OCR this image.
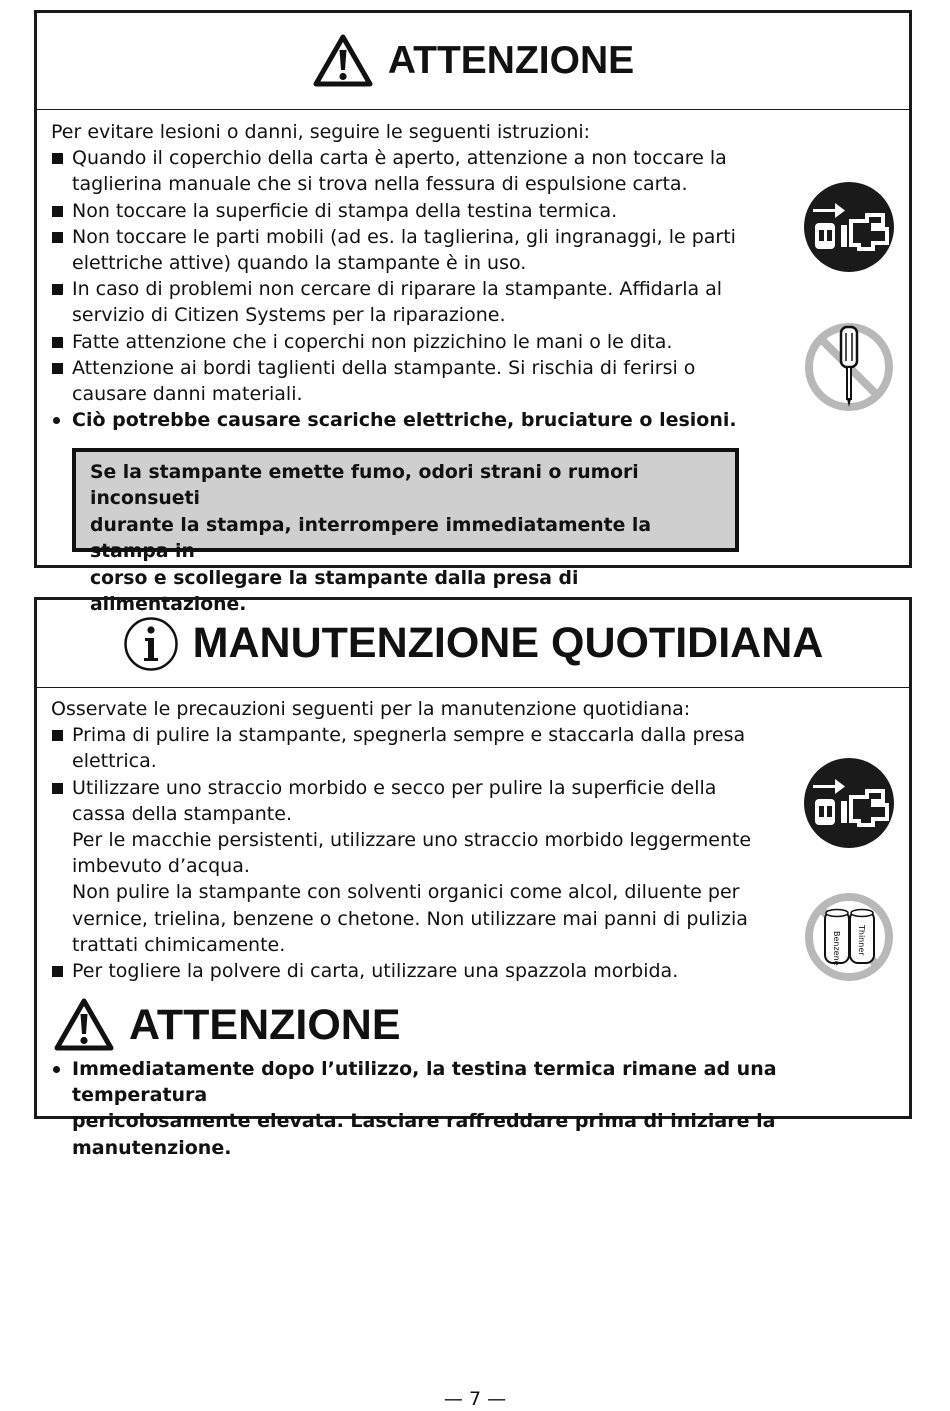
ATTENZIONE
Per evitare lesioni o danni, seguire le seguenti istruzioni:
Quando il coperchio della carta è aperto, attenzione a non toccare la
taglierina manuale che si trova nella fessura di espulsione carta.
Non toccare la superficie di stampa della testina termica.
Non toccare le parti mobili (ad es. la taglierina, gli ingranaggi, le parti
elettriche attive) quando la stampante è in uso.
In caso di problemi non cercare di riparare la stampante. Affidarla al
servizio di Citizen Systems per la riparazione.
Fatte attenzione che i coperchi non pizzichino le mani o le dita.
Attenzione ai bordi taglienti della stampante. Si rischia di ferirsi o
causare danni materiali.
Ciò potrebbe causare scariche elettriche, bruciature o lesioni.
Se la stampante emette fumo, odori strani o rumori inconsueti
durante la stampa, interrompere immediatamente la stampa in
corso e scollegare la stampante dalla presa di alimentazione.
MANUTENZIONE QUOTIDIANA
Osservate le precauzioni seguenti per la manutenzione quotidiana:
Prima di pulire la stampante, spegnerla sempre e staccarla dalla presa
elettrica.
Utilizzare uno straccio morbido e secco per pulire la superficie della
cassa della stampante.
Per le macchie persistenti, utilizzare uno straccio morbido leggermente
imbevuto d’acqua.
Non pulire la stampante con solventi organici come alcol, diluente per
vernice, trielina, benzene o chetone. Non utilizzare mai panni di pulizia
trattati chimicamente.
Per togliere la polvere di carta, utilizzare una spazzola morbida.
ATTENZIONE
Immediatamente dopo l’utilizzo, la testina termica rimane ad una temperatura
pericolosamente elevata. Lasciare raffreddare prima di iniziare la manutenzione.
Benzene Thinner
— 7 —
